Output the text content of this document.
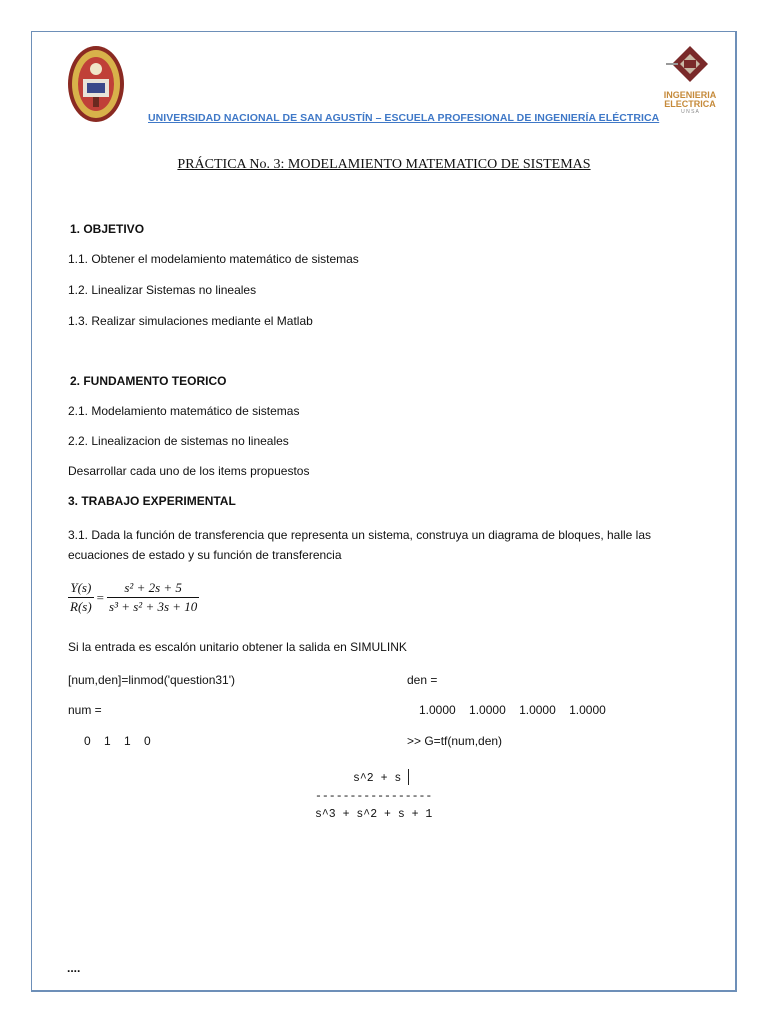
INGENIERIA
ELECTRICA
U N S A
UNIVERSIDAD NACIONAL DE SAN AGUSTÍN – ESCUELA PROFESIONAL DE INGENIERÍA ELÉCTRICA
PRÁCTICA No. 3: MODELAMIENTO MATEMATICO DE SISTEMAS
1. OBJETIVO
1.1. Obtener el modelamiento matemático de sistemas
1.2. Linealizar Sistemas no lineales
1.3. Realizar simulaciones mediante el Matlab
2. FUNDAMENTO TEORICO
2.1. Modelamiento matemático de sistemas
2.2. Linealizacion de sistemas no lineales
Desarrollar cada uno de los items propuestos
3. TRABAJO EXPERIMENTAL
3.1. Dada la función de transferencia que representa un sistema, construya un diagrama de bloques, halle las
ecuaciones de estado y su función de transferencia
$\frac{Y(s)}{R(s)} = \frac{\text{s² + 2s + 5}}{\text{s³ + s² + 3s + 10}}$
Si la entrada es escalón unitario obtener la salida en SIMULINK
[num,den]=linmod('question31')
num =
0    1    1    0
den =
1.0000    1.0000    1.0000    1.0000
>> G=tf(num,den)
s^2 + s
-----------------
s^3 + s^2 + s + 1
....
